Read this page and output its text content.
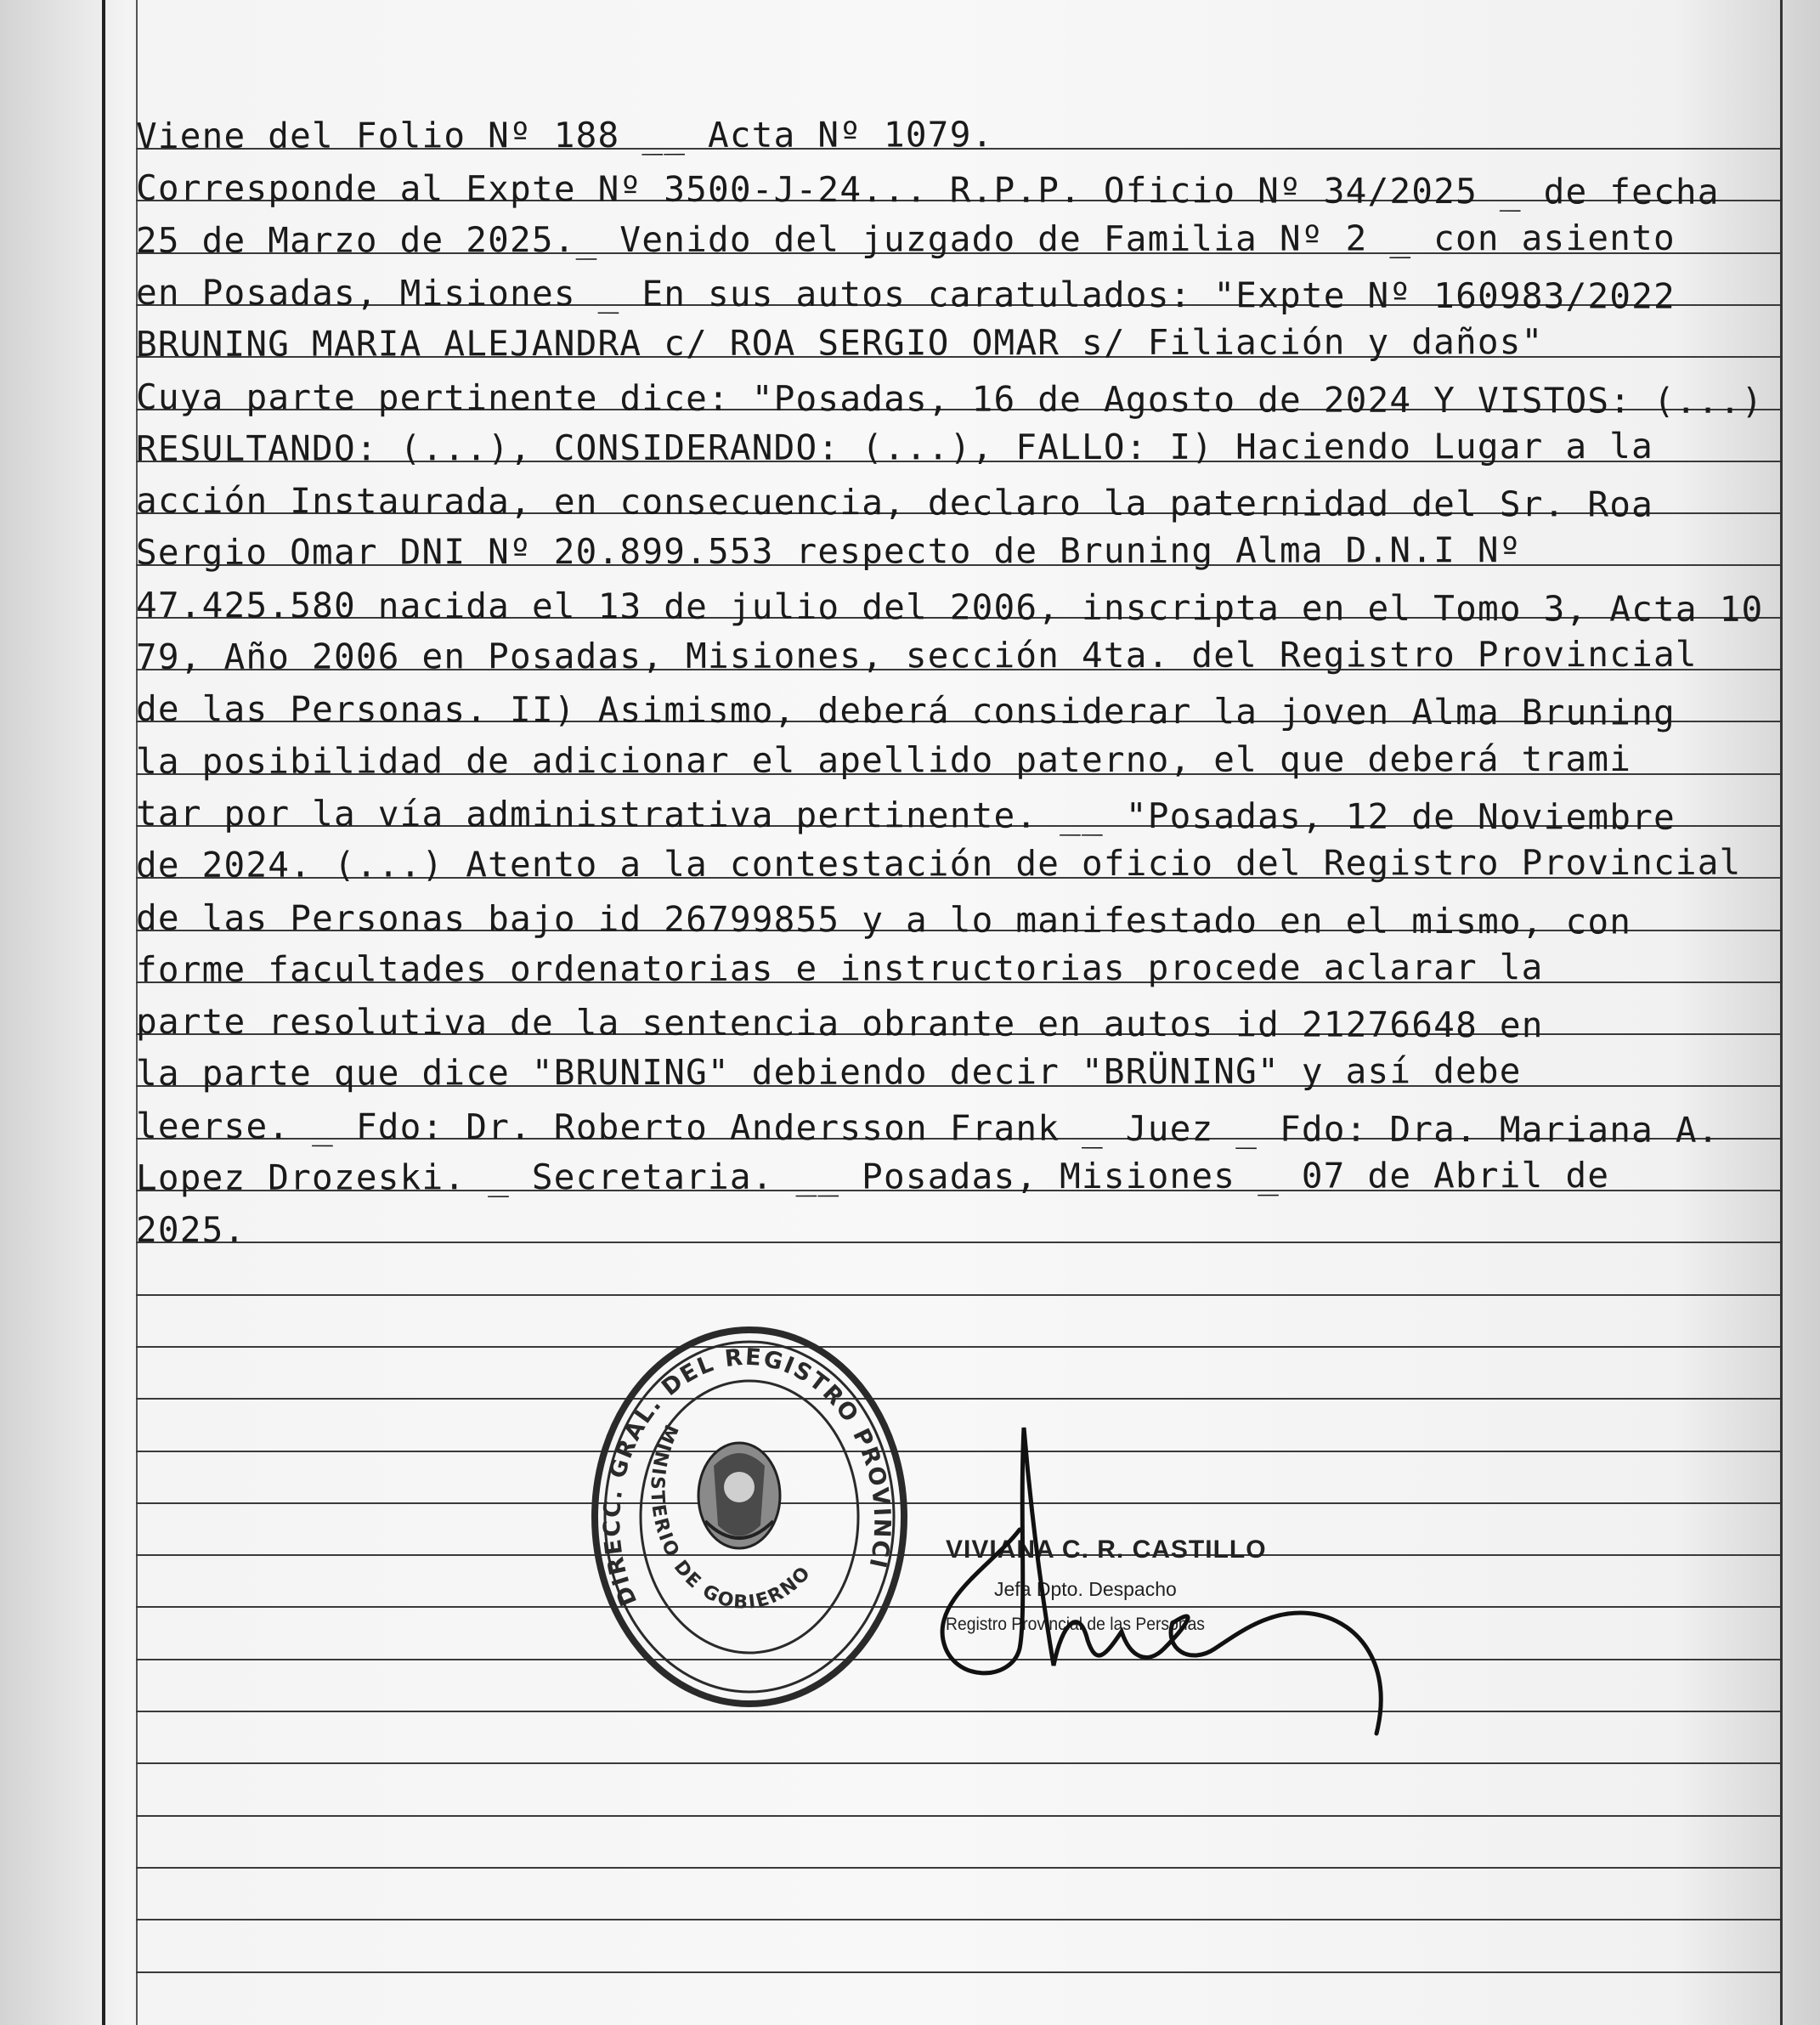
Viene del Folio Nº 188 __ Acta Nº 1079.
Corresponde al Expte Nº 3500-J-24... R.P.P. Oficio Nº 34/2025 _ de fecha
25 de Marzo de 2025._ Venido del juzgado de Familia Nº 2 _ con asiento
en Posadas, Misiones _ En sus autos caratulados: "Expte Nº 160983/2022
BRUNING MARIA ALEJANDRA c/ ROA SERGIO OMAR s/ Filiación y daños"
Cuya parte pertinente dice: "Posadas, 16 de Agosto de 2024 Y VISTOS: (...)
RESULTANDO: (...), CONSIDERANDO: (...), FALLO: I) Haciendo Lugar a la
acción Instaurada, en consecuencia, declaro la paternidad del Sr. Roa
Sergio Omar DNI Nº 20.899.553 respecto de Bruning Alma D.N.I Nº
47.425.580 nacida el 13 de julio del 2006, inscripta en el Tomo 3, Acta 10
79, Año 2006 en Posadas, Misiones, sección 4ta. del Registro Provincial
de las Personas. II) Asimismo, deberá considerar la joven Alma Bruning
la posibilidad de adicionar el apellido paterno, el que deberá trami
tar por la vía administrativa pertinente. __ "Posadas, 12 de Noviembre
de 2024. (...) Atento a la contestación de oficio del Registro Provincial
de las Personas bajo id 26799855 y a lo manifestado en el mismo, con
forme facultades ordenatorias e instructorias procede aclarar la
parte resolutiva de la sentencia obrante en autos id 21276648 en
la parte que dice "BRUNING" debiendo decir "BRÜNING" y así debe
leerse. _ Fdo: Dr. Roberto Andersson Frank _ Juez _ Fdo: Dra. Mariana A.
Lopez Drozeski. _ Secretaria. __ Posadas, Misiones _ 07 de Abril de
2025.
DIRECC. GRAL. DEL REGISTRO PROVINCI
MINISTERIO DE GOBIERNO
VIVIANA C. R. CASTILLO
Jefa Dpto. Despacho
Registro Provincial de las Personas
